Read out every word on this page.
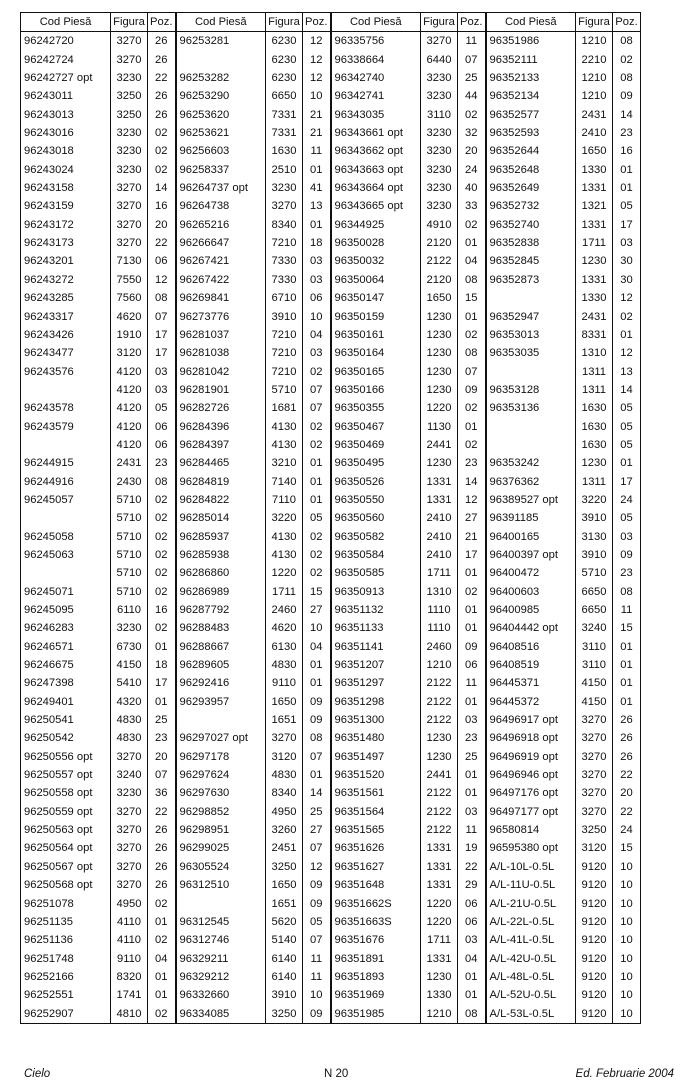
Cod Piesă	Figura	Poz.	Cod Piesă	Figura	Poz.	Cod Piesă	Figura	Poz.	Cod Piesă	Figura	Poz.
96242720	3270	26	96253281	6230	12	96335756	3270	11	96351986	1210	08
96242724	3270	26		6230	12	96338664	6440	07	96352111	2210	02
96242727 opt	3230	22	96253282	6230	12	96342740	3230	25	96352133	1210	08
96243011	3250	26	96253290	6650	10	96342741	3230	44	96352134	1210	09
96243013	3250	26	96253620	7331	21	96343035	3110	02	96352577	2431	14
96243016	3230	02	96253621	7331	21	96343661 opt	3230	32	96352593	2410	23
96243018	3230	02	96256603	1630	11	96343662 opt	3230	20	96352644	1650	16
96243024	3230	02	96258337	2510	01	96343663 opt	3230	24	96352648	1330	01
96243158	3270	14	96264737 opt	3230	41	96343664 opt	3230	40	96352649	1331	01
96243159	3270	16	96264738	3270	13	96343665 opt	3230	33	96352732	1321	05
96243172	3270	20	96265216	8340	01	96344925	4910	02	96352740	1331	17
96243173	3270	22	96266647	7210	18	96350028	2120	01	96352838	1711	03
96243201	7130	06	96267421	7330	03	96350032	2122	04	96352845	1230	30
96243272	7550	12	96267422	7330	03	96350064	2120	08	96352873	1331	30
96243285	7560	08	96269841	6710	06	96350147	1650	15		1330	12
96243317	4620	07	96273776	3910	10	96350159	1230	01	96352947	2431	02
96243426	1910	17	96281037	7210	04	96350161	1230	02	96353013	8331	01
96243477	3120	17	96281038	7210	03	96350164	1230	08	96353035	1310	12
96243576	4120	03	96281042	7210	02	96350165	1230	07		1311	13
	4120	03	96281901	5710	07	96350166	1230	09	96353128	1311	14
96243578	4120	05	96282726	1681	07	96350355	1220	02	96353136	1630	05
96243579	4120	06	96284396	4130	02	96350467	1130	01		1630	05
	4120	06	96284397	4130	02	96350469	2441	02		1630	05
96244915	2431	23	96284465	3210	01	96350495	1230	23	96353242	1230	01
96244916	2430	08	96284819	7140	01	96350526	1331	14	96376362	1311	17
96245057	5710	02	96284822	7110	01	96350550	1331	12	96389527 opt	3220	24
	5710	02	96285014	3220	05	96350560	2410	27	96391185	3910	05
96245058	5710	02	96285937	4130	02	96350582	2410	21	96400165	3130	03
96245063	5710	02	96285938	4130	02	96350584	2410	17	96400397 opt	3910	09
	5710	02	96286860	1220	02	96350585	1711	01	96400472	5710	23
96245071	5710	02	96286989	1711	15	96350913	1310	02	96400603	6650	08
96245095	6110	16	96287792	2460	27	96351132	1110	01	96400985	6650	11
96246283	3230	02	96288483	4620	10	96351133	1110	01	96404442 opt	3240	15
96246571	6730	01	96288667	6130	04	96351141	2460	09	96408516	3110	01
96246675	4150	18	96289605	4830	01	96351207	1210	06	96408519	3110	01
96247398	5410	17	96292416	9110	01	96351297	2122	11	96445371	4150	01
96249401	4320	01	96293957	1650	09	96351298	2122	01	96445372	4150	01
96250541	4830	25		1651	09	96351300	2122	03	96496917 opt	3270	26
96250542	4830	23	96297027 opt	3270	08	96351480	1230	23	96496918 opt	3270	26
96250556 opt	3270	20	96297178	3120	07	96351497	1230	25	96496919 opt	3270	26
96250557 opt	3240	07	96297624	4830	01	96351520	2441	01	96496946 opt	3270	22
96250558 opt	3230	36	96297630	8340	14	96351561	2122	01	96497176 opt	3270	20
96250559 opt	3270	22	96298852	4950	25	96351564	2122	03	96497177 opt	3270	22
96250563 opt	3270	26	96298951	3260	27	96351565	2122	11	96580814	3250	24
96250564 opt	3270	26	96299025	2451	07	96351626	1331	19	96595380 opt	3120	15
96250567 opt	3270	26	96305524	3250	12	96351627	1331	22	A/L-10L-0.5L	9120	10
96250568 opt	3270	26	96312510	1650	09	96351648	1331	29	A/L-11U-0.5L	9120	10
96251078	4950	02		1651	09	96351662S	1220	06	A/L-21U-0.5L	9120	10
96251135	4110	01	96312545	5620	05	96351663S	1220	06	A/L-22L-0.5L	9120	10
96251136	4110	02	96312746	5140	07	96351676	1711	03	A/L-41L-0.5L	9120	10
96251748	9110	04	96329211	6140	11	96351891	1331	04	A/L-42U-0.5L	9120	10
96252166	8320	01	96329212	6140	11	96351893	1230	01	A/L-48L-0.5L	9120	10
96252551	1741	01	96332660	3910	10	96351969	1330	01	A/L-52U-0.5L	9120	10
96252907	4810	02	96334085	3250	09	96351985	1210	08	A/L-53L-0.5L	9120	10
Cielo	N 20	Ed. Februarie 2004
